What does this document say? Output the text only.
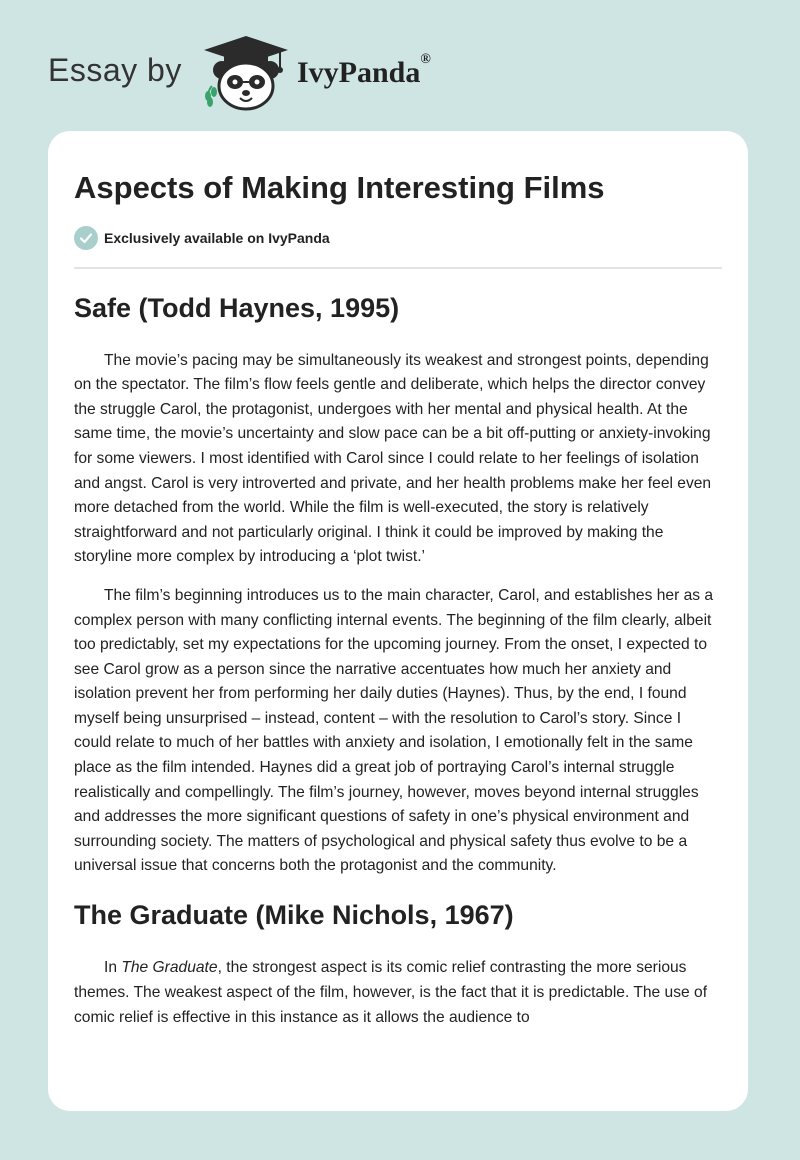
Essay by	IvyPanda®
Aspects of Making Interesting Films
Exclusively available on IvyPanda
Safe (Todd Haynes, 1995)

The movie’s pacing may be simultaneously its weakest and strongest points, depending on the spectator. The film’s flow feels gentle and deliberate, which helps the director convey the struggle Carol, the protagonist, undergoes with her mental and physical health. At the same time, the movie’s uncertainty and slow pace can be a bit off-putting or anxiety-invoking for some viewers. I most identified with Carol since I could relate to her feelings of isolation and angst. Carol is very introverted and private, and her health problems make her feel even more detached from the world. While the film is well-executed, the story is relatively straightforward and not particularly original. I think it could be improved by making the storyline more complex by introducing a ‘plot twist.’

The film’s beginning introduces us to the main character, Carol, and establishes her as a complex person with many conflicting internal events. The beginning of the film clearly, albeit too predictably, set my expectations for the upcoming journey. From the onset, I expected to see Carol grow as a person since the narrative accentuates how much her anxiety and isolation prevent her from performing her daily duties (Haynes). Thus, by the end, I found myself being unsurprised – instead, content – with the resolution to Carol’s story. Since I could relate to much of her battles with anxiety and isolation, I emotionally felt in the same place as the film intended. Haynes did a great job of portraying Carol’s internal struggle realistically and compellingly. The film’s journey, however, moves beyond internal struggles and addresses the more significant questions of safety in one’s physical environment and surrounding society. The matters of psychological and physical safety thus evolve to be a universal issue that concerns both the protagonist and the community.

The Graduate (Mike Nichols, 1967)

In The Graduate, the strongest aspect is its comic relief contrasting the more serious themes. The weakest aspect of the film, however, is the fact that it is predictable. The use of comic relief is effective in this instance as it allows the audience to
